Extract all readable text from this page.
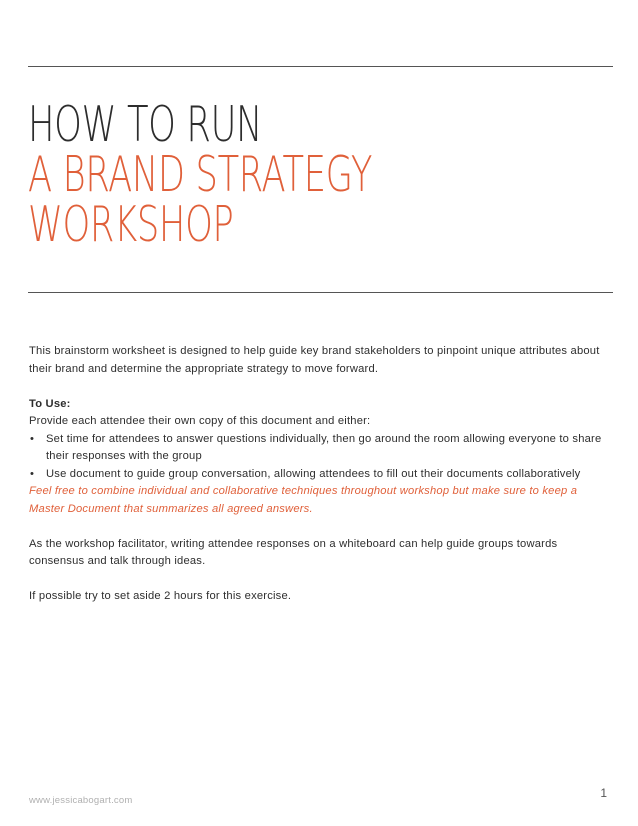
HOW TO RUN
A BRAND STRATEGY
WORKSHOP

This brainstorm worksheet is designed to help guide key brand stakeholders to pinpoint unique attributes about their brand and determine the appropriate strategy to move forward.

To Use:

Provide each attendee their own copy of this document and either:

• Set time for attendees to answer questions individually, then go around the room allowing everyone to share their responses with the group
• Use document to guide group conversation, allowing attendees to fill out their documents collaboratively

Feel free to combine individual and collaborative techniques throughout workshop but make sure to keep a Master Document that summarizes all agreed answers.

As the workshop facilitator, writing attendee responses on a whiteboard can help guide groups towards consensus and talk through ideas.

If possible try to set aside 2 hours for this exercise.

www.jessicabogart.com
1
